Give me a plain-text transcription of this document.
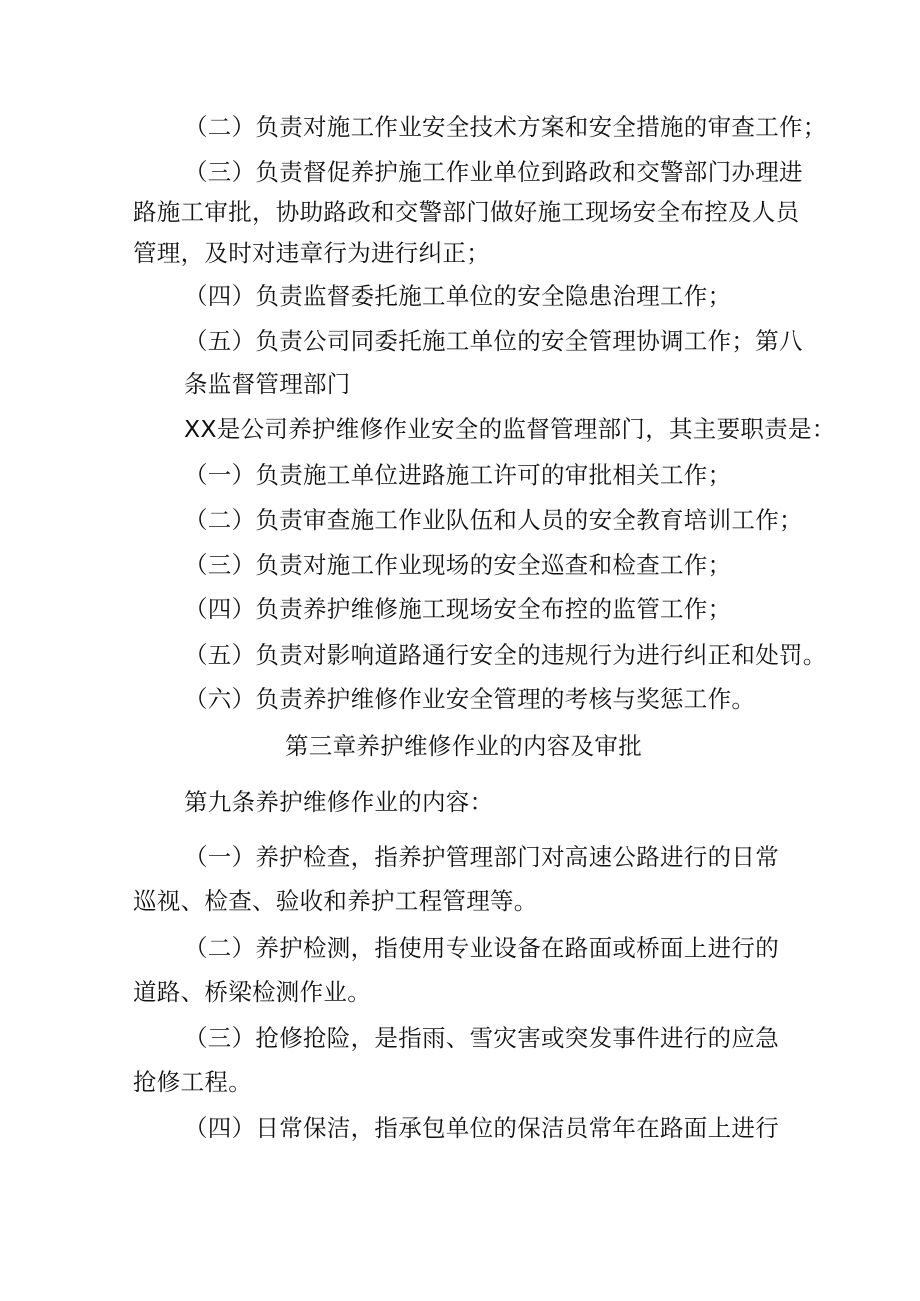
（二）负责对施工作业安全技术方案和安全措施的审查工作；
（三）负责督促养护施工作业单位到路政和交警部门办理进
路施工审批，协助路政和交警部门做好施工现场安全布控及人员
管理，及时对违章行为进行纠正；
（四）负责监督委托施工单位的安全隐患治理工作；
（五）负责公司同委托施工单位的安全管理协调工作；第八
条监督管理部门
XX是公司养护维修作业安全的监督管理部门，其主要职责是：
（一）负责施工单位进路施工许可的审批相关工作；
（二）负责审查施工作业队伍和人员的安全教育培训工作；
（三）负责对施工作业现场的安全巡查和检查工作；
（四）负责养护维修施工现场安全布控的监管工作；
（五）负责对影响道路通行安全的违规行为进行纠正和处罚。
（六）负责养护维修作业安全管理的考核与奖惩工作。
第三章养护维修作业的内容及审批
第九条养护维修作业的内容：
（一）养护检查，指养护管理部门对高速公路进行的日常
巡视、检查、验收和养护工程管理等。
（二）养护检测，指使用专业设备在路面或桥面上进行的
道路、桥梁检测作业。
（三）抢修抢险，是指雨、雪灾害或突发事件进行的应急
抢修工程。
（四）日常保洁，指承包单位的保洁员常年在路面上进行
